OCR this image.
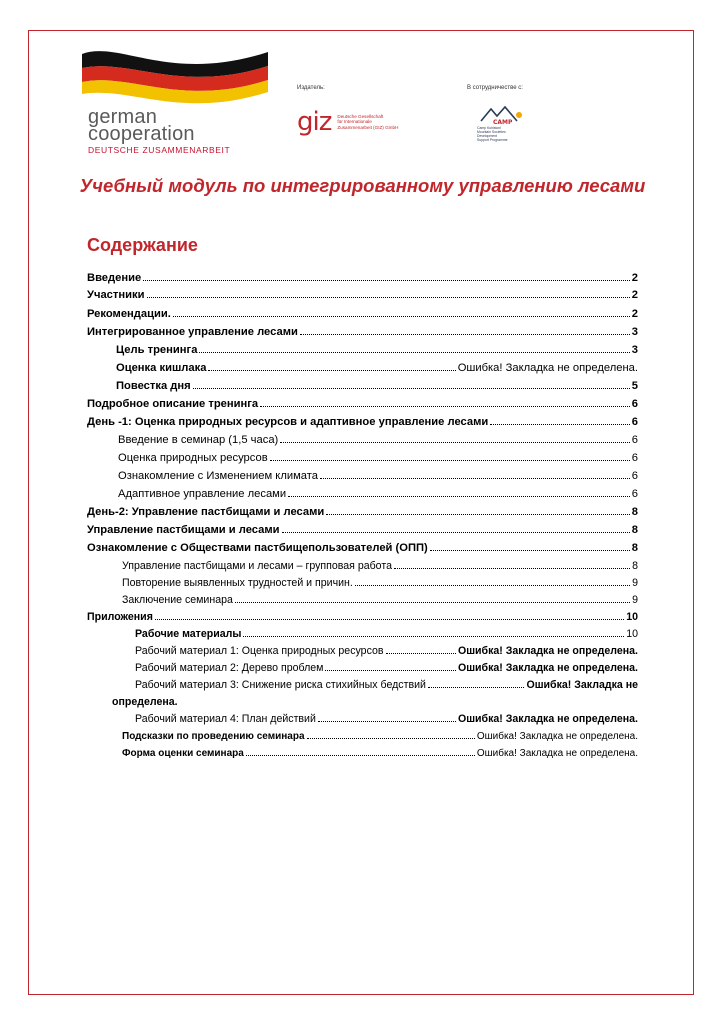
german
cooperation
DEUTSCHE ZUSAMMENARBEIT
Издатель:
giz Deutsche Gesellschaft
für Internationale
Zusammenarbeit (GIZ) GmbH
В сотрудничестве с:
CAMP
Camp Kuhistoni
Mountain Societies
Development
Support Programme
Учебный модуль по интегрированному управлению лесами
Содержание
Введение	2
Участники	2
Рекомендации.	2
Интегрированное управление лесами	3
Цель тренинга	3
Оценка кишлака	Ошибка! Закладка не определена.
Повестка дня	5
Подробное описание тренинга	6
День -1: Оценка природных ресурсов и адаптивное управление лесами	6
Введение в семинар (1,5 часа)	6
Оценка природных ресурсов	6
Ознакомление с Изменением климата	6
Адаптивное управление лесами	6
День-2: Управление пастбищами и лесами	8
Управление пастбищами и лесами	8
Ознакомление с Обществами пастбищепользователей (ОПП)	8
Управление пастбищами и лесами – групповая работа	8
Повторение выявленных трудностей и причин.	9
Заключение семинара	9
Приложения	10
Рабочие материалы	10
Рабочий материал 1: Оценка природных ресурсов	Ошибка! Закладка не определена.
Рабочий материал 2: Дерево проблем	Ошибка! Закладка не определена.
Рабочий материал 3: Снижение риска стихийных бедствий	Ошибка! Закладка не
определена.
Рабочий материал 4: План действий	Ошибка! Закладка не определена.
Подсказки по проведению семинара	Ошибка! Закладка не определена.
Форма оценки семинара	Ошибка! Закладка не определена.
